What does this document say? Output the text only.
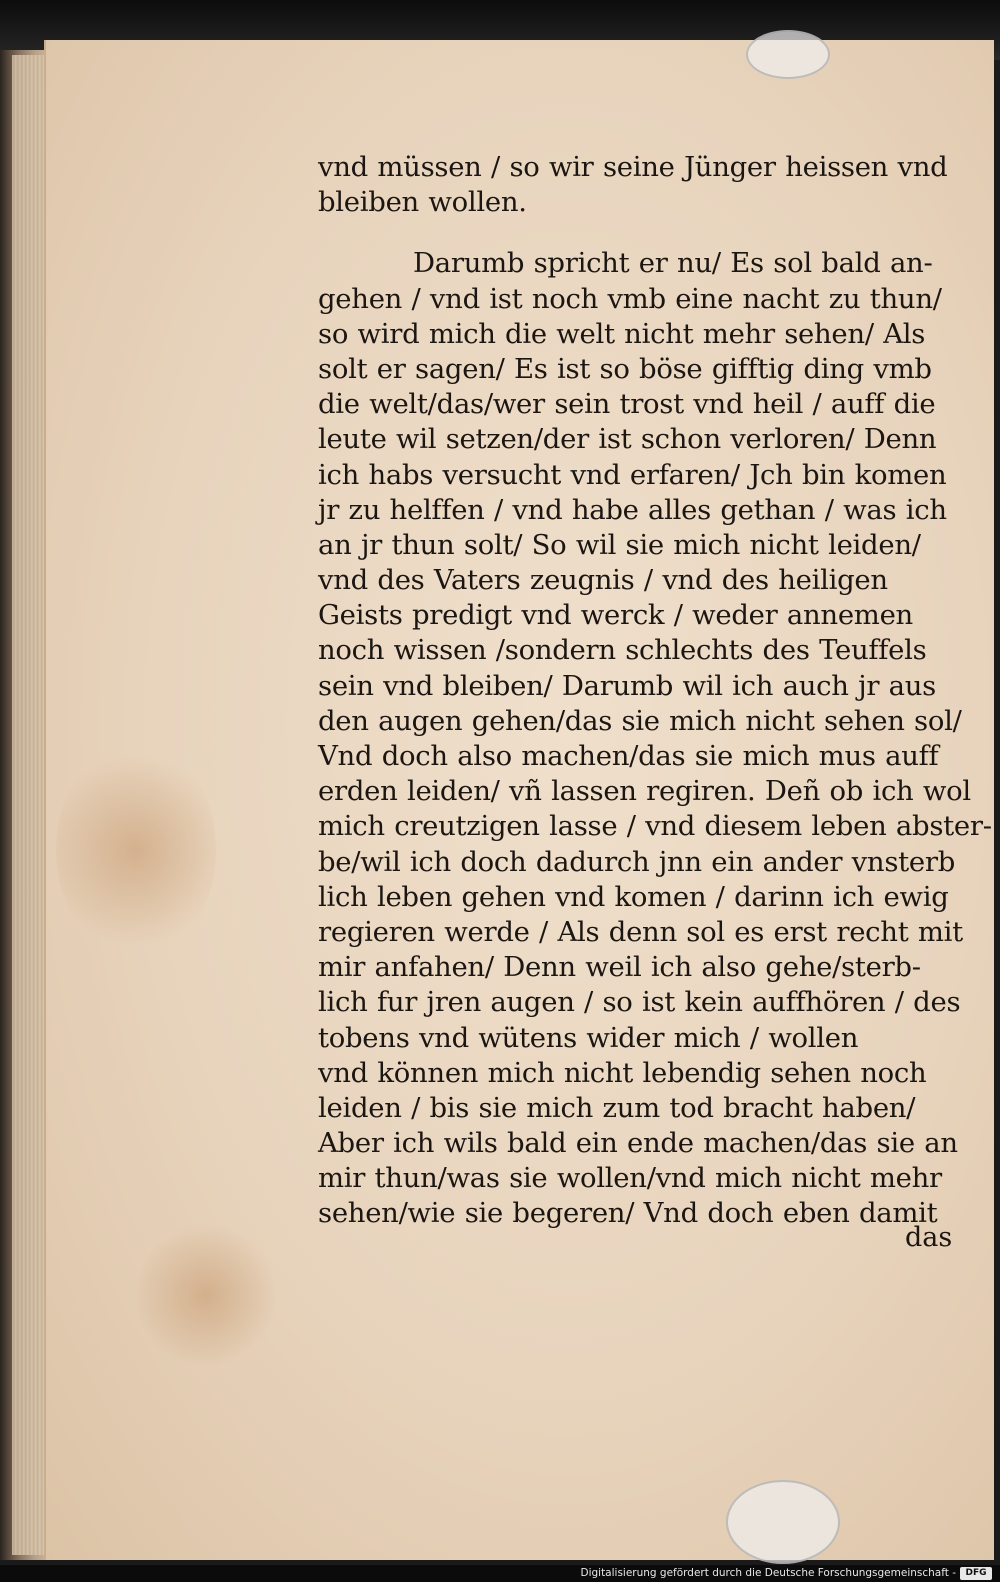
vnd müssen / so wir seine Jünger heissen vnd
bleiben wollen.
Darumb spricht er nu/ Es sol bald an-
gehen / vnd ist noch vmb eine nacht zu thun/
so wird mich die welt nicht mehr sehen/ Als
solt er sagen/ Es ist so böse gifftig ding vmb
die welt/das/wer sein trost vnd heil / auff die
leute wil setzen/der ist schon verloren/ Denn
ich habs versucht vnd erfaren/ Jch bin komen
jr zu helffen / vnd habe alles gethan / was ich
an jr thun solt/ So wil sie mich nicht leiden/
vnd des Vaters zeugnis / vnd des heiligen
Geists predigt vnd werck / weder annemen
noch wissen /sondern schlechts des Teuffels
sein vnd bleiben/ Darumb wil ich auch jr aus
den augen gehen/das sie mich nicht sehen sol/
Vnd doch also machen/das sie mich mus auff
erden leiden/ vñ lassen regiren. Deñ ob ich wol
mich creutzigen lasse / vnd diesem leben abster-
be/wil ich doch dadurch jnn ein ander vnsterb
lich leben gehen vnd komen / darinn ich ewig
regieren werde / Als denn sol es erst recht mit
mir anfahen/ Denn weil ich also gehe/sterb-
lich fur jren augen / so ist kein auffhören / des
tobens vnd wütens wider mich / wollen
vnd können mich nicht lebendig sehen noch
leiden / bis sie mich zum tod bracht haben/
Aber ich wils bald ein ende machen/das sie an
mir thun/was sie wollen/vnd mich nicht mehr
sehen/wie sie begeren/ Vnd doch eben damit
das
Digitalisierung gefördert durch die Deutsche Forschungsgemeinschaft -	DFG
